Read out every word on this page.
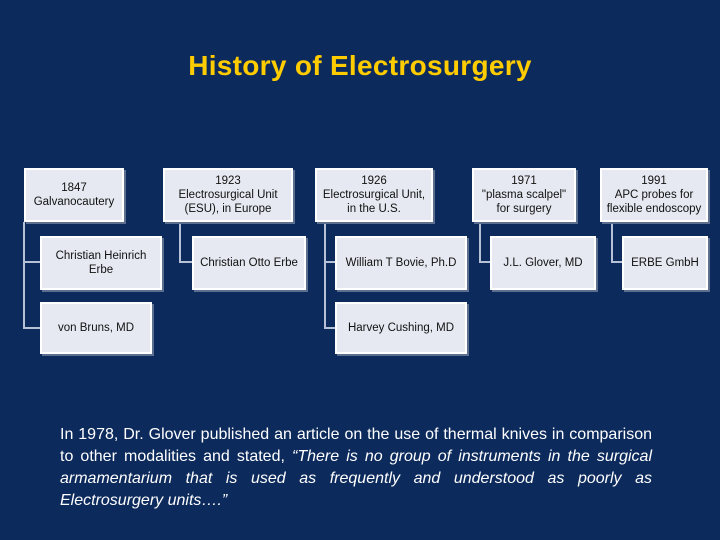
History of Electrosurgery
1847
Galvanocautery
1923
Electrosurgical Unit (ESU), in Europe
1926
Electrosurgical Unit, in the U.S.
1971
"plasma scalpel" for surgery
1991
APC probes for flexible endoscopy
Christian Heinrich Erbe
Christian Otto Erbe	William T Bovie, Ph.D	J.L. Glover, MD	ERBE GmbH
von Bruns, MD	Harvey Cushing, MD
In 1978, Dr. Glover published an article on the use of thermal knives in comparison to other modalities and stated, “There is no group of instruments in the surgical armamentarium that is used as frequently and understood as poorly as Electrosurgery units….”
